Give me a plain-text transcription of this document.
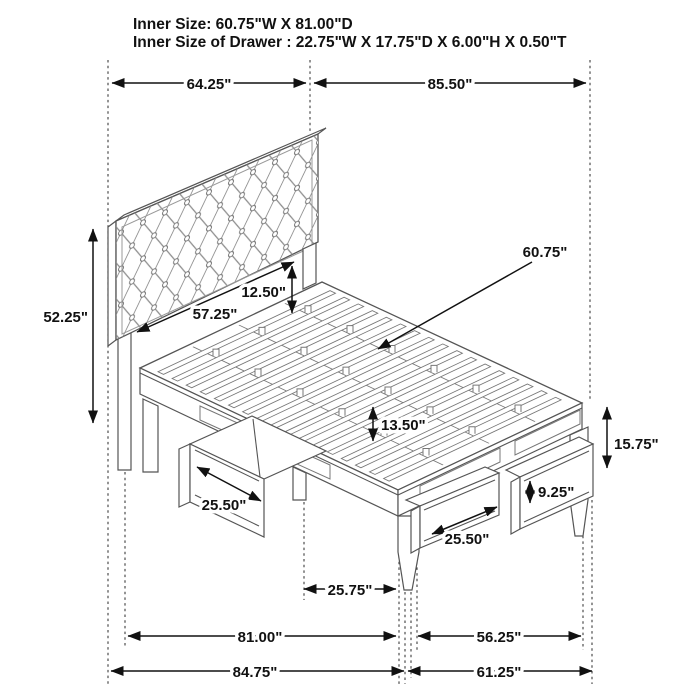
Inner Size: 60.75"W X 81.00"D
Inner Size of Drawer : 22.75"W X 17.75"D X 6.00"H X 0.50"T
64.25"	85.50"
52.25"	57.25"
12.50"
60.75"
13.50"
15.75"
9.25"
25.50"
25.50"
25.75"
81.00"	56.25"
84.75"	61.25"
